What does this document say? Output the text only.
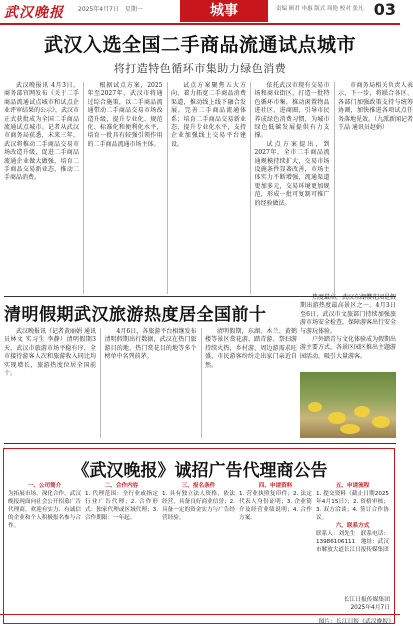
武汉晚报 2025年4月7日　星期一	城事	责编 顾君 申惠 版式 周艳 校对 张凡 03
武汉入选全国二手商品流通试点城市
将打造特色循环市集助力绿色消费

武汉晚报讯 4月3日，商务部官网发布《关于二手商品流通试点城市和试点企业评审结果的公示》，武汉市正式获批成为全国二手商品流通试点城市。记者从武汉市商务局获悉，未来三年，武汉将推动二手商品交易市场改造升级，促进二手商品流通企业做大做强，培育二手商品交易新业态，推动二手商品消费。

根据试点方案，2025年至2027年，武汉市将通过综合施策，以二手商品流通带动二手商品交易市场改造升级，提升专业化、规范化、标准化和便利化水平，培育一批具有较强引领作用的二手商品流通市场主体。

试点方案聚焦五大方向，着力拓宽二手商品消费渠道，推动线上线下融合发展，完善二手商品流通体系；培育二手商品交易新业态，提升专业化水平，支持企业加强线上交易平台建设。

依托武汉市现有交易市场和商业街区，打造一批特色循环市集，推动闲置物品进社区、进商圈，引导市民养成绿色消费习惯，为城市绿色低碳发展提供有力支撑。

试点方案提出，到2027年，全市二手商品流通规模持续扩大，交易市场设施条件显著改善，市场主体实力不断增强，流通渠道更加多元，交易环境更加规范，形成一批可复制可推广的经验做法。

市商务局相关负责人表示，下一步，将联合各区、各部门加强政策支持与统筹协调，加快推进各项试点任务落地见效。（九派新闻记者王晶 通讯员赵娟）

清明假期武汉旅游热度居全国前十

武汉晚报讯（记者黄丽娟 通讯员林文 实习生 李静）清明假期3天，武汉市旅游市场平稳有序，全市接待游客人次和旅游收入同比均实现增长，旅游热度位居全国前十。

4月6日，各旅游平台相继发布清明假期出行数据，武汉在热门旅游目的地、热门赏花目的地等多个榜单中名列前茅。

清明假期，东湖、木兰、黄鹤楼等景区赏花游、踏青游、祭扫游持续火热，乡村游、周边游需求旺盛，市民游客纷纷走出家门亲近自然。

热度最高，武汉东湖樱花园是假期出游热度最高景区之一。4月3日至6日，武汉市文旅部门持续加强旅游市场安全检查，保障游客出行安全与游玩体验。

户外踏青与文化体验成为假期出游主要方式，各景区园区推出主题游园活动，吸引大量游客。

《武汉晚报》诚招广告代理商公告

一、公司简介

为拓展市场、深化合作，武汉晚报现面向社会公开招募广告代理商。欢迎有实力、有诚信的企业和个人积极报名参与合作。

二、合作内容

1. 代理范围：全行业或指定行业广告代理；2. 合作形式：独家代理或区域代理；3. 合作期限：一年起。

三、报名条件

1. 具有独立法人资格，依法经营，具备良好商业信誉；2. 具备一定的资金实力与广告经营经验。

四、申请资料

1. 营业执照复印件；2. 法定代表人身份证明；3. 企业简介及经营业绩说明；4. 合作方案。

五、申请流程

1. 提交资料（截止日期2025年4月15日）；2. 资格审核；3. 双方洽谈；4. 签订合作协议。

六、联系方式

联系人：刘先生　联系电话：13986106111　地址：武汉市解放大道长江日报传媒集团

长江日报传媒集团
2025年4月7日
图片：长江日报《武汉晚报》
